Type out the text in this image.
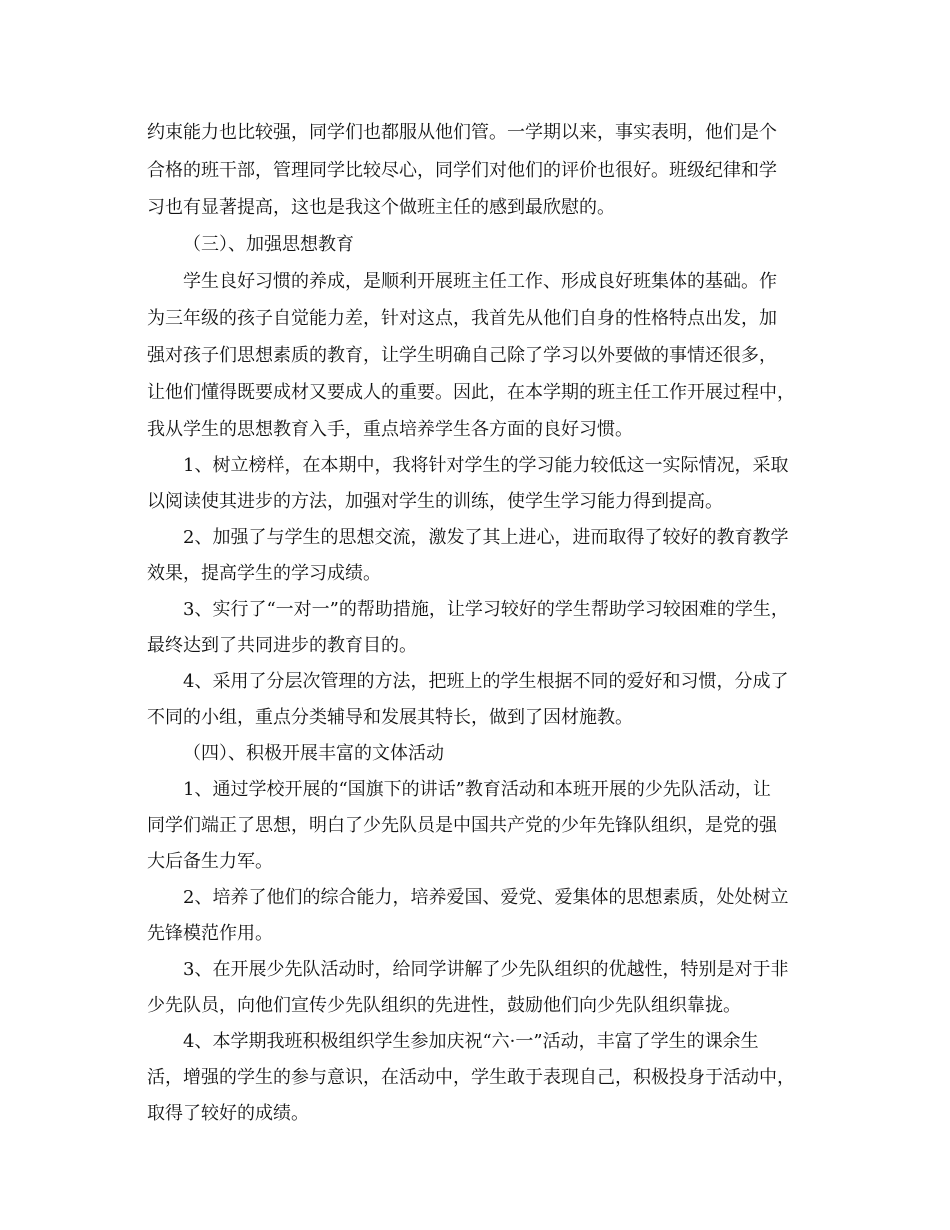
约束能力也比较强，同学们也都服从他们管。一学期以来，事实表明，他们是个
合格的班干部，管理同学比较尽心，同学们对他们的评价也很好。班级纪律和学
习也有显著提高，这也是我这个做班主任的感到最欣慰的。
（三）、加强思想教育
学生良好习惯的养成，是顺利开展班主任工作、形成良好班集体的基础。作
为三年级的孩子自觉能力差，针对这点，我首先从他们自身的性格特点出发，加
强对孩子们思想素质的教育，让学生明确自己除了学习以外要做的事情还很多，
让他们懂得既要成材又要成人的重要。因此，在本学期的班主任工作开展过程中，
我从学生的思想教育入手，重点培养学生各方面的良好习惯。
1、树立榜样，在本期中，我将针对学生的学习能力较低这一实际情况，采取
以阅读使其进步的方法，加强对学生的训练，使学生学习能力得到提高。
2、加强了与学生的思想交流，激发了其上进心，进而取得了较好的教育教学
效果，提高学生的学习成绩。
3、实行了“一对一”的帮助措施，让学习较好的学生帮助学习较困难的学生，
最终达到了共同进步的教育目的。
4、采用了分层次管理的方法，把班上的学生根据不同的爱好和习惯，分成了
不同的小组，重点分类辅导和发展其特长，做到了因材施教。
（四）、积极开展丰富的文体活动
1、通过学校开展的“国旗下的讲话”教育活动和本班开展的少先队活动，让
同学们端正了思想，明白了少先队员是中国共产党的少年先锋队组织，是党的强
大后备生力军。
2、培养了他们的综合能力，培养爱国、爱党、爱集体的思想素质，处处树立
先锋模范作用。
3、在开展少先队活动时，给同学讲解了少先队组织的优越性，特别是对于非
少先队员，向他们宣传少先队组织的先进性，鼓励他们向少先队组织靠拢。
4、本学期我班积极组织学生参加庆祝“六·一”活动，丰富了学生的课余生
活，增强的学生的参与意识，在活动中，学生敢于表现自己，积极投身于活动中，
取得了较好的成绩。
